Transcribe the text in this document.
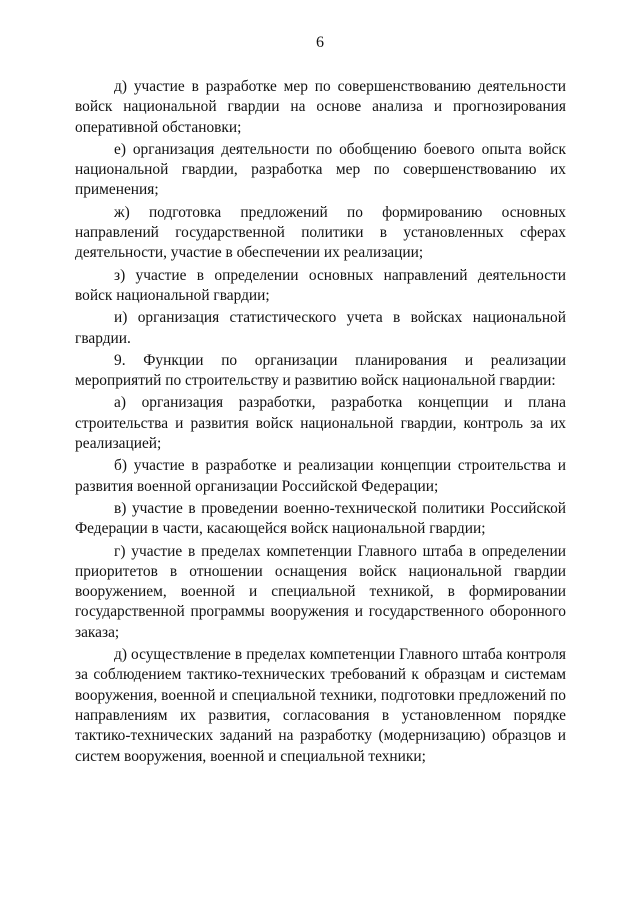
6

д) участие в разработке мер по совершенствованию деятельности войск национальной гвардии на основе анализа и прогнозирования оперативной обстановки;

е) организация деятельности по обобщению боевого опыта войск национальной гвардии, разработка мер по совершенствованию их применения;

ж) подготовка предложений по формированию основных направлений государственной политики в установленных сферах деятельности, участие в обеспечении их реализации;

з) участие в определении основных направлений деятельности войск национальной гвардии;

и) организация статистического учета в войсках национальной гвардии.

9. Функции по организации планирования и реализации мероприятий по строительству и развитию войск национальной гвардии:

а) организация разработки, разработка концепции и плана строительства и развития войск национальной гвардии, контроль за их реализацией;

б) участие в разработке и реализации концепции строительства и развития военной организации Российской Федерации;

в) участие в проведении военно-технической политики Российской Федерации в части, касающейся войск национальной гвардии;

г) участие в пределах компетенции Главного штаба в определении приоритетов в отношении оснащения войск национальной гвардии вооружением, военной и специальной техникой, в формировании государственной программы вооружения и государственного оборонного заказа;

д) осуществление в пределах компетенции Главного штаба контроля за соблюдением тактико-технических требований к образцам и системам вооружения, военной и специальной техники, подготовки предложений по направлениям их развития, согласования в установленном порядке тактико-технических заданий на разработку (модернизацию) образцов и систем вооружения, военной и специальной техники;
